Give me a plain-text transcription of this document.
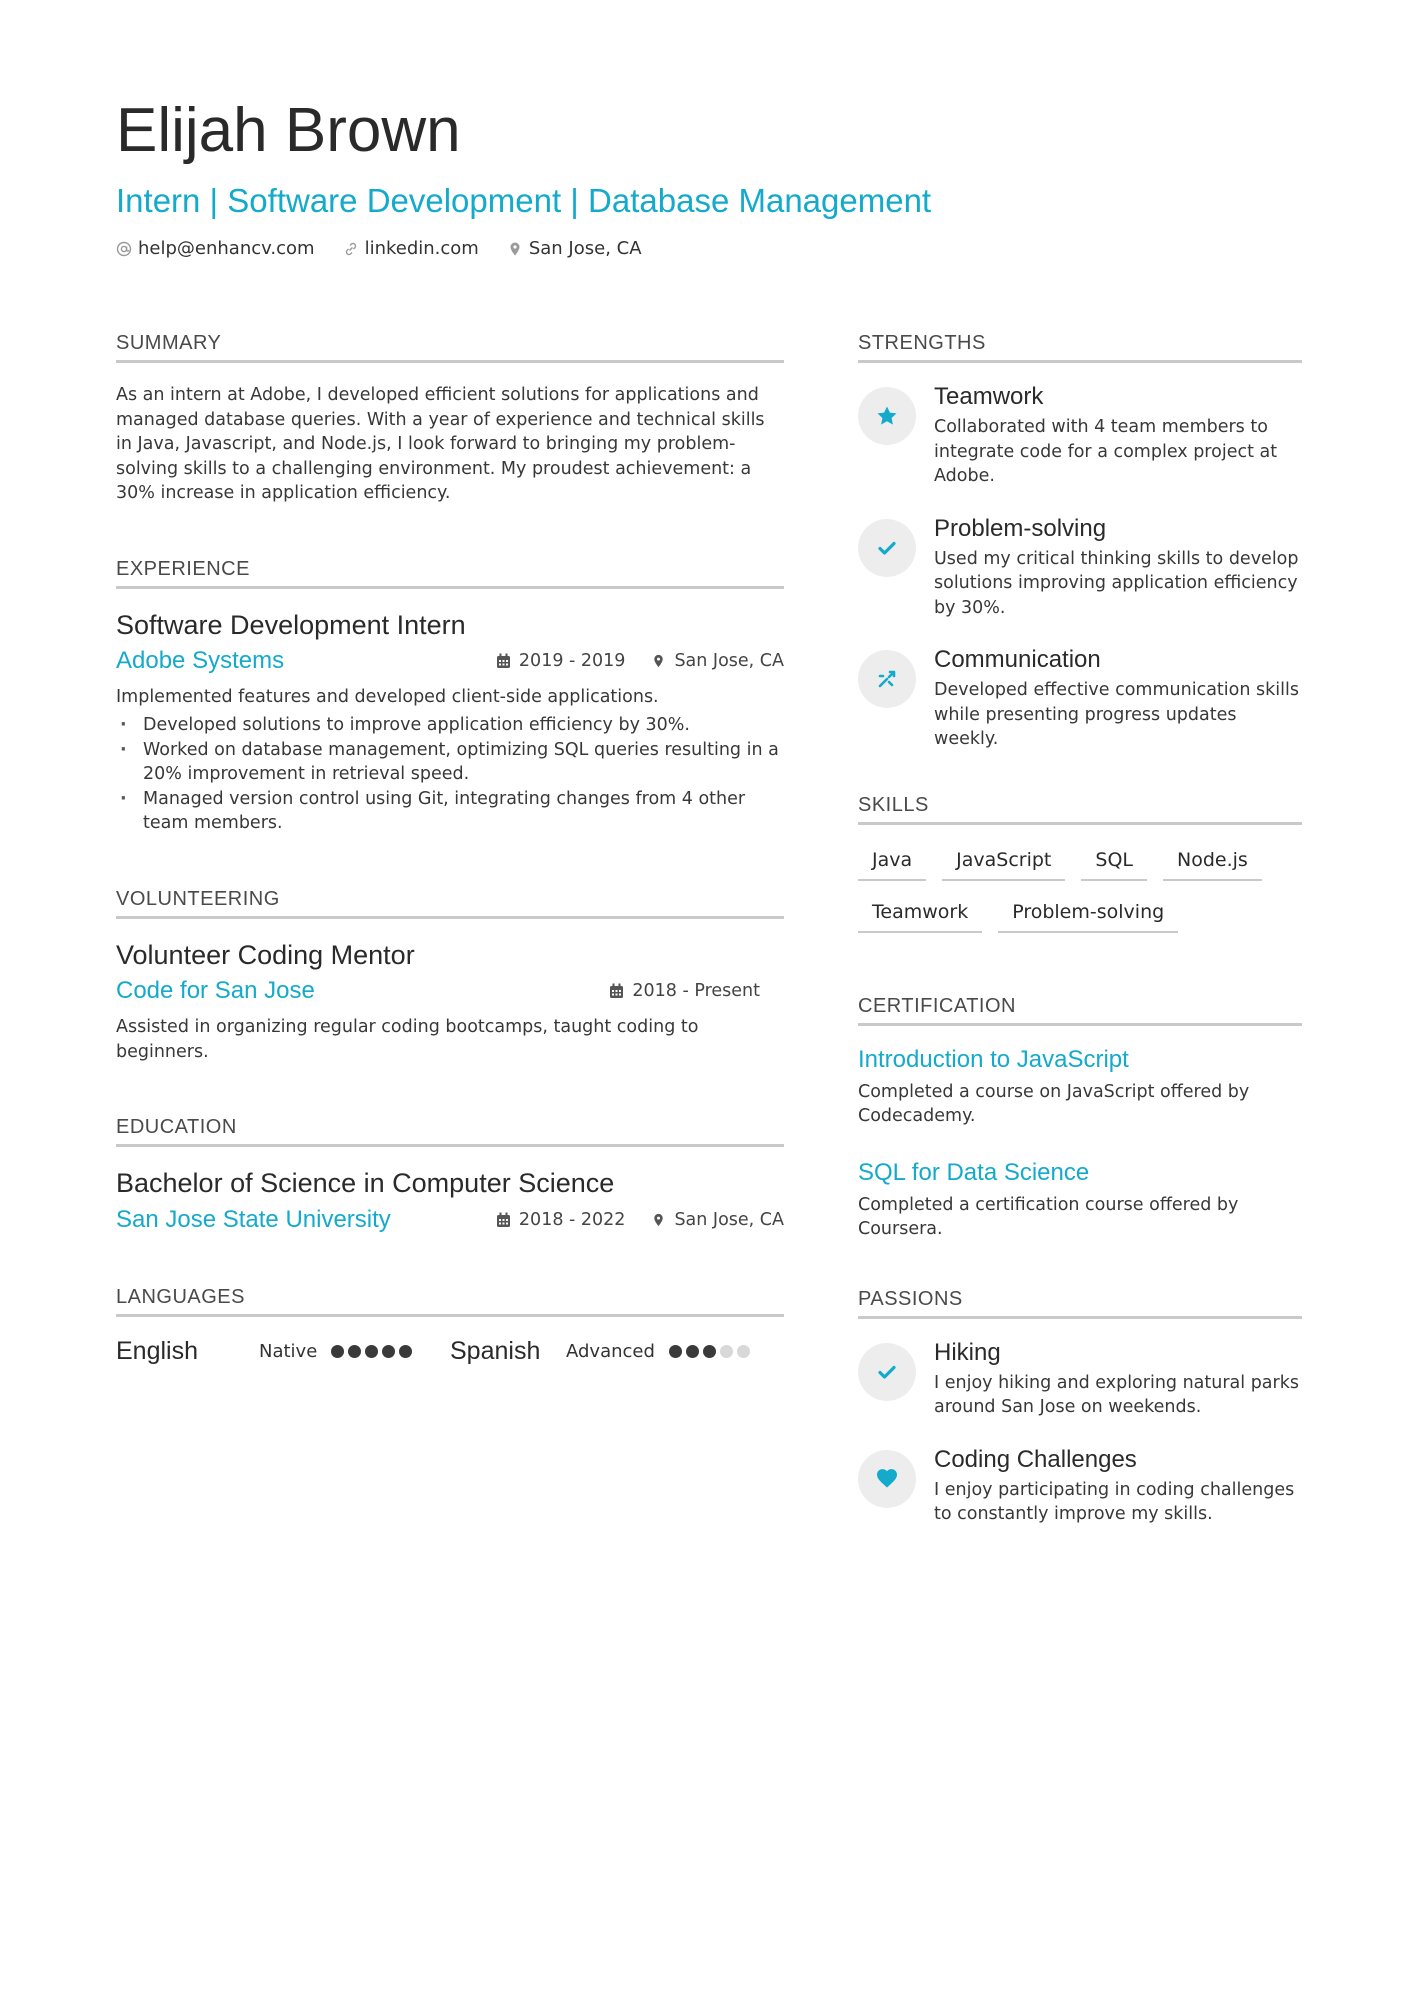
Elijah Brown
Intern | Software Development | Database Management
help@enhancv.com	linkedin.com	San Jose, CA
SUMMARY
As an intern at Adobe, I developed efficient solutions for applications and managed database queries. With a year of experience and technical skills in Java, Javascript, and Node.js, I look forward to bringing my problem-solving skills to a challenging environment. My proudest achievement: a 30% increase in application efficiency.
EXPERIENCE
Software Development Intern
Adobe Systems	2019 - 2019	San Jose, CA
Implemented features and developed client-side applications.
· Developed solutions to improve application efficiency by 30%.
· Worked on database management, optimizing SQL queries resulting in a 20% improvement in retrieval speed.
· Managed version control using Git, integrating changes from 4 other team members.
VOLUNTEERING
Volunteer Coding Mentor
Code for San Jose	2018 - Present
Assisted in organizing regular coding bootcamps, taught coding to beginners.
EDUCATION
Bachelor of Science in Computer Science
San Jose State University	2018 - 2022	San Jose, CA
LANGUAGES
English	Native	Spanish	Advanced
STRENGTHS
Teamwork
Collaborated with 4 team members to integrate code for a complex project at Adobe.
Problem-solving
Used my critical thinking skills to develop solutions improving application efficiency by 30%.
Communication
Developed effective communication skills while presenting progress updates weekly.
SKILLS
Java	JavaScript	SQL	Node.js
Teamwork	Problem-solving
CERTIFICATION
Introduction to JavaScript
Completed a course on JavaScript offered by Codecademy.
SQL for Data Science
Completed a certification course offered by Coursera.
PASSIONS
Hiking
I enjoy hiking and exploring natural parks around San Jose on weekends.
Coding Challenges
I enjoy participating in coding challenges to constantly improve my skills.
